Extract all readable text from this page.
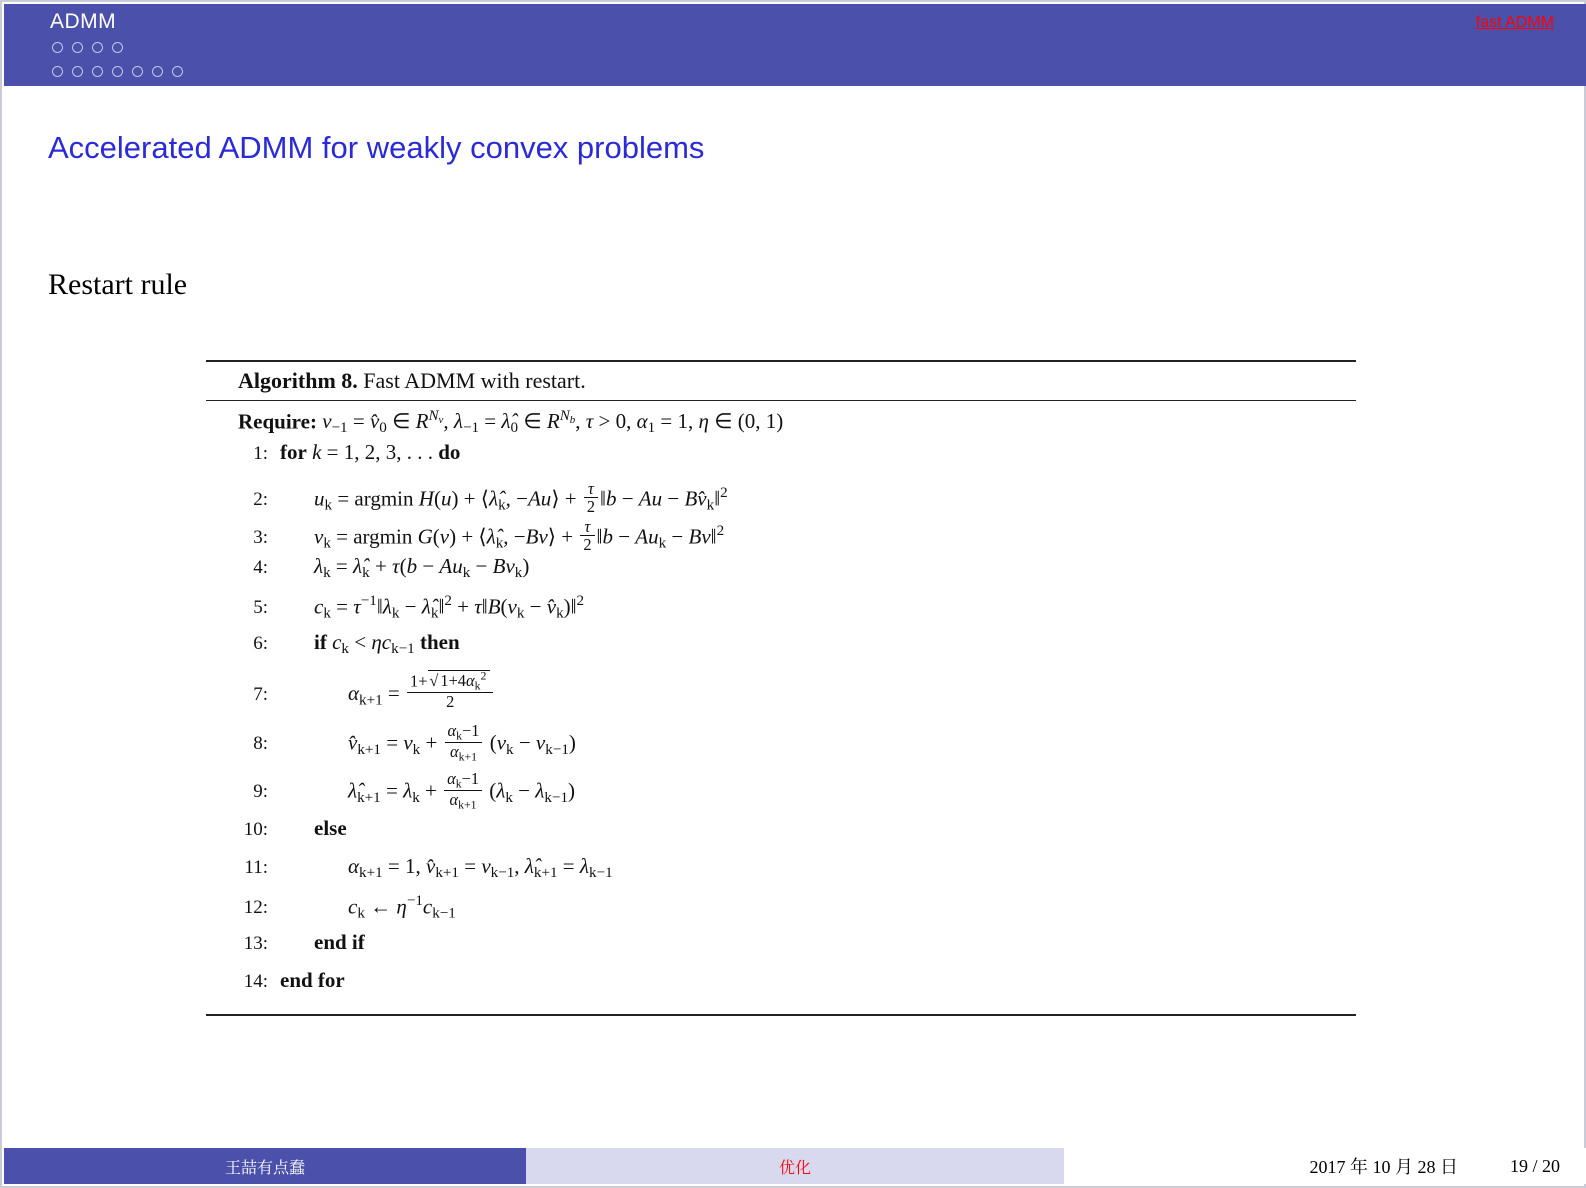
ADMM	fast ADMM
Accelerated ADMM for weakly convex problems
Restart rule
Algorithm 8. Fast ADMM with restart.
Require: $v_{-1}$ = $v̂_0$ ∈ $R^{N_v}$, $\lambda_{-1}$ = $\lambdâ_0$ ∈ $R^{N_b}$, τ > 0, $\alpha_1 = 1$, η ∈ (0, 1)
1: for k = 1, 2, 3, . . . do
2:	$u_k = argmin$ $H(u) + ⟨\lambdâ_k$, −Au⟩ + $\frac{\tau}{2}$ ‖b − $Au - Bv̂_k‖^2$
3:	$v_k = argmin$ $G(v) + ⟨\lambdâ_k$, −Bv⟩ + $\frac{\tau}{2}$ ‖b − $Au_k$ − Bv‖$^2$
4:	$\lambda_k$ = $\lambdâ_k + \tau(b - Au_k - Bv_k)$
5:	$c_k$ = $\tau^{-1}‖\lambda_k$ − $\lambdâ_k‖^2$ + $\tau‖B(v_k$ − $v̂_k)‖^2$
6:	if $c_k < \eta c_{k-1}$ then
7:	$\alpha_{k+1} = \frac{1+ √ 1+4\alpha_k^2}{2}$
8:	$v̂_{k+1} = v_k + \frac{\alpha_k-1}{\alpha_{k+1}} (v_k - v_{k-1})$
9:	$\lambdâ_{k+1} = \lambda_k + \frac{\alpha_k-1}{\alpha_{k+1}} (\lambda_k - \lambda_{k-1})$
10:	else
11:	$\alpha_{k+1} = 1$, $v̂_{k+1} = v_{k-1}$, $\lambdâ_{k+1} = \lambda_{k-1}$
12:	$c_k$ ← $\eta^{-1}c_{k-1}$
13:	end if
14: end for
王喆有点蠢	优化	2017 年 10 月 28 日	19 / 20
